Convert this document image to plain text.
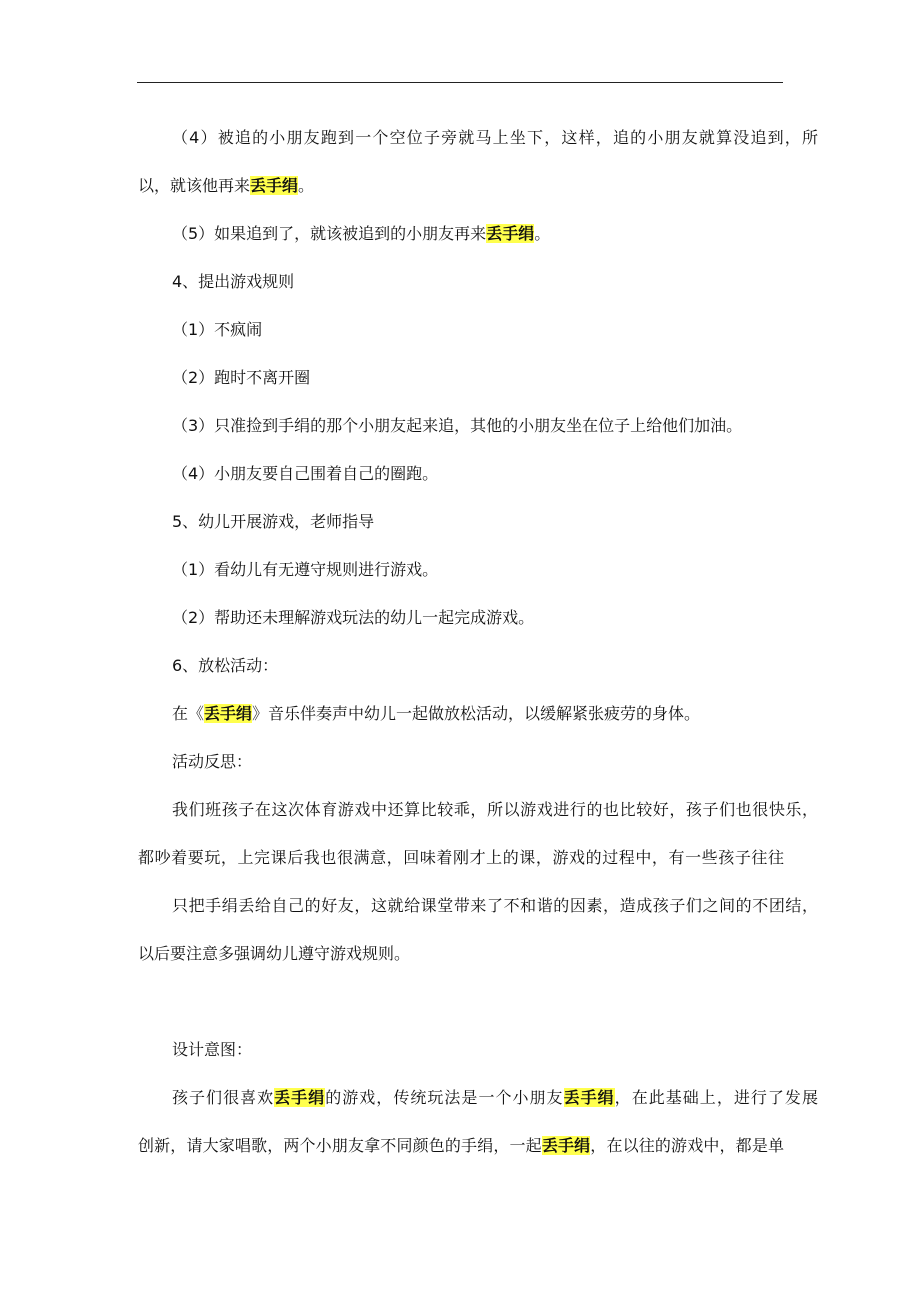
（4）被追的小朋友跑到一个空位子旁就马上坐下，这样，追的小朋友就算没追到，所
以，就该他再来丢手绢。
（5）如果追到了，就该被追到的小朋友再来丢手绢。
4、提出游戏规则
（1）不疯闹
（2）跑时不离开圈
（3）只准捡到手绢的那个小朋友起来追，其他的小朋友坐在位子上给他们加油。
（4）小朋友要自己围着自己的圈跑。
5、幼儿开展游戏，老师指导
（1）看幼儿有无遵守规则进行游戏。
（2）帮助还未理解游戏玩法的幼儿一起完成游戏。
6、放松活动：
在《丢手绢》音乐伴奏声中幼儿一起做放松活动，以缓解紧张疲劳的身体。
活动反思：
我们班孩子在这次体育游戏中还算比较乖，所以游戏进行的也比较好，孩子们也很快乐，
都吵着要玩，上完课后我也很满意，回味着刚才上的课，游戏的过程中，有一些孩子往往
只把手绢丢给自己的好友，这就给课堂带来了不和谐的因素，造成孩子们之间的不团结，
以后要注意多强调幼儿遵守游戏规则。
设计意图：
孩子们很喜欢丢手绢的游戏，传统玩法是一个小朋友丢手绢，在此基础上，进行了发展
创新，请大家唱歌，两个小朋友拿不同颜色的手绢，一起丢手绢，在以往的游戏中，都是单
